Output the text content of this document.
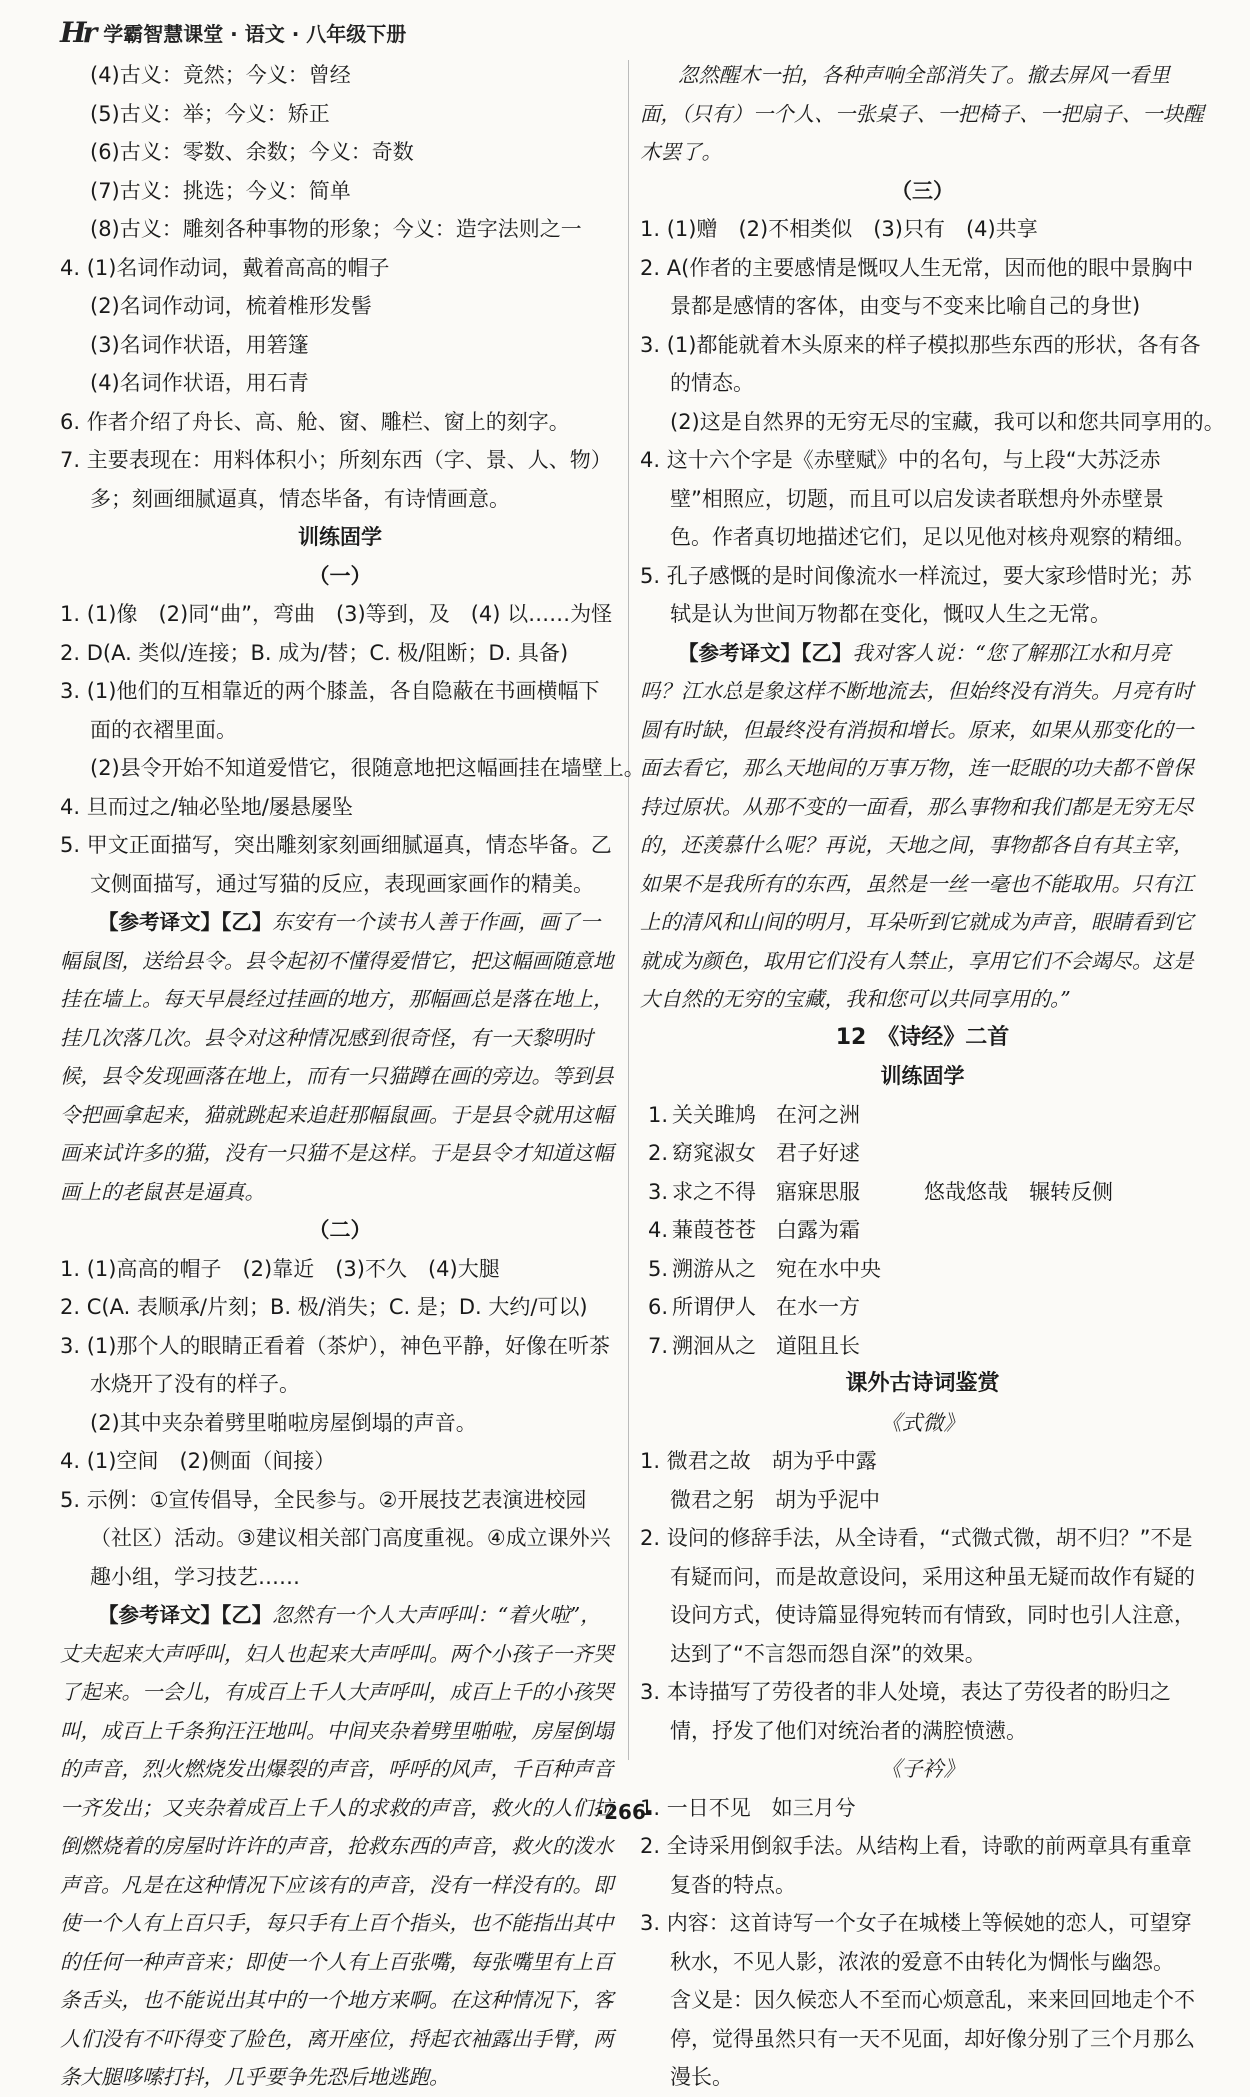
Hr 学霸智慧课堂 · 语文 · 八年级下册
(4)古义：竟然；今义：曾经
(5)古义：举；今义：矫正
(6)古义：零数、余数；今义：奇数
(7)古义：挑选；今义：简单
(8)古义：雕刻各种事物的形象；今义：造字法则之一
4. (1)名词作动词，戴着高高的帽子
(2)名词作动词，梳着椎形发髻
(3)名词作状语，用箬篷
(4)名词作状语，用石青
6. 作者介绍了舟长、高、舱、窗、雕栏、窗上的刻字。
7. 主要表现在：用料体积小；所刻东西（字、景、人、物）多；刻画细腻逼真，情态毕备，有诗情画意。
训练固学
（一）
1. (1)像　(2)同“曲”，弯曲　(3)等到，及　(4) 以……为怪
2. D(A. 类似/连接；B. 成为/替；C. 极/阻断；D. 具备)
3. (1)他们的互相靠近的两个膝盖，各自隐蔽在书画横幅下面的衣褶里面。
(2)县令开始不知道爱惜它，很随意地把这幅画挂在墙壁上。
4. 旦而过之/轴必坠地/屡悬屡坠
5. 甲文正面描写，突出雕刻家刻画细腻逼真，情态毕备。乙文侧面描写，通过写猫的反应，表现画家画作的精美。
【参考译文】【乙】东安有一个读书人善于作画，画了一幅鼠图，送给县令。县令起初不懂得爱惜它，把这幅画随意地挂在墙上。每天早晨经过挂画的地方，那幅画总是落在地上，挂几次落几次。县令对这种情况感到很奇怪，有一天黎明时候，县令发现画落在地上，而有一只猫蹲在画的旁边。等到县令把画拿起来，猫就跳起来追赶那幅鼠画。于是县令就用这幅画来试许多的猫，没有一只猫不是这样。于是县令才知道这幅画上的老鼠甚是逼真。
（二）
1. (1)高高的帽子　(2)靠近　(3)不久　(4)大腿
2. C(A. 表顺承/片刻；B. 极/消失；C. 是；D. 大约/可以)
3. (1)那个人的眼睛正看着（茶炉），神色平静，好像在听茶水烧开了没有的样子。
(2)其中夹杂着劈里啪啦房屋倒塌的声音。
4. (1)空间　(2)侧面（间接）
5. 示例：①宣传倡导，全民参与。②开展技艺表演进校园（社区）活动。③建议相关部门高度重视。④成立课外兴趣小组，学习技艺……
【参考译文】【乙】忽然有一个人大声呼叫：“着火啦”，丈夫起来大声呼叫，妇人也起来大声呼叫。两个小孩子一齐哭了起来。一会儿，有成百上千人大声呼叫，成百上千的小孩哭叫，成百上千条狗汪汪地叫。中间夹杂着劈里啪啦，房屋倒塌的声音，烈火燃烧发出爆裂的声音，呼呼的风声，千百种声音一齐发出；又夹杂着成百上千人的求救的声音，救火的人们拉倒燃烧着的房屋时许许的声音，抢救东西的声音，救火的泼水声音。凡是在这种情况下应该有的声音，没有一样没有的。即使一个人有上百只手，每只手有上百个指头，也不能指出其中的任何一种声音来；即使一个人有上百张嘴，每张嘴里有上百条舌头，也不能说出其中的一个地方来啊。在这种情况下，客人们没有不吓得变了脸色，离开座位，捋起衣袖露出手臂，两条大腿哆嗦打抖，几乎要争先恐后地逃跑。
忽然醒木一拍，各种声响全部消失了。撤去屏风一看里面，（只有）一个人、一张桌子、一把椅子、一把扇子、一块醒木罢了。
（三）
1. (1)赠　(2)不相类似　(3)只有　(4)共享
2. A(作者的主要感情是慨叹人生无常，因而他的眼中景胸中景都是感情的客体，由变与不变来比喻自己的身世)
3. (1)都能就着木头原来的样子模拟那些东西的形状，各有各的情态。
(2)这是自然界的无穷无尽的宝藏，我可以和您共同享用的。
4. 这十六个字是《赤壁赋》中的名句，与上段“大苏泛赤壁”相照应，切题，而且可以启发读者联想舟外赤壁景色。作者真切地描述它们，足以见他对核舟观察的精细。
5. 孔子感慨的是时间像流水一样流过，要大家珍惜时光；苏轼是认为世间万物都在变化，慨叹人生之无常。
【参考译文】【乙】我对客人说：“您了解那江水和月亮吗？江水总是象这样不断地流去，但始终没有消失。月亮有时圆有时缺，但最终没有消损和增长。原来，如果从那变化的一面去看它，那么天地间的万事万物，连一眨眼的功夫都不曾保持过原状。从那不变的一面看，那么事物和我们都是无穷无尽的，还羡慕什么呢？再说，天地之间，事物都各自有其主宰，如果不是我所有的东西，虽然是一丝一毫也不能取用。只有江上的清风和山间的明月，耳朵听到它就成为声音，眼睛看到它就成为颜色，取用它们没有人禁止，享用它们不会竭尽。这是大自然的无穷的宝藏，我和您可以共同享用的。”
12　《诗经》二首
训练固学
1. 关关雎鸠 在河之洲
2. 窈窕淑女 君子好逑
3. 求之不得 寤寐思服	悠哉悠哉　辗转反侧
4. 蒹葭苍苍 白露为霜
5. 溯游从之 宛在水中央
6. 所谓伊人 在水一方
7. 溯洄从之 道阻且长
课外古诗词鉴赏
《式微》
1. 微君之故　胡为乎中露
微君之躬　胡为乎泥中
2. 设问的修辞手法，从全诗看，“式微式微，胡不归？”不是有疑而问，而是故意设问，采用这种虽无疑而故作有疑的设问方式，使诗篇显得宛转而有情致，同时也引人注意，达到了“不言怨而怨自深”的效果。
3. 本诗描写了劳役者的非人处境，表达了劳役者的盼归之情，抒发了他们对统治者的满腔愤懑。
《子衿》
1. 一日不见　如三月兮
2. 全诗采用倒叙手法。从结构上看，诗歌的前两章具有重章复沓的特点。
3. 内容：这首诗写一个女子在城楼上等候她的恋人，可望穿秋水，不见人影，浓浓的爱意不由转化为惆怅与幽怨。
含义是：因久候恋人不至而心烦意乱，来来回回地走个不停，觉得虽然只有一天不见面，却好像分别了三个月那么漫长。
·266·
